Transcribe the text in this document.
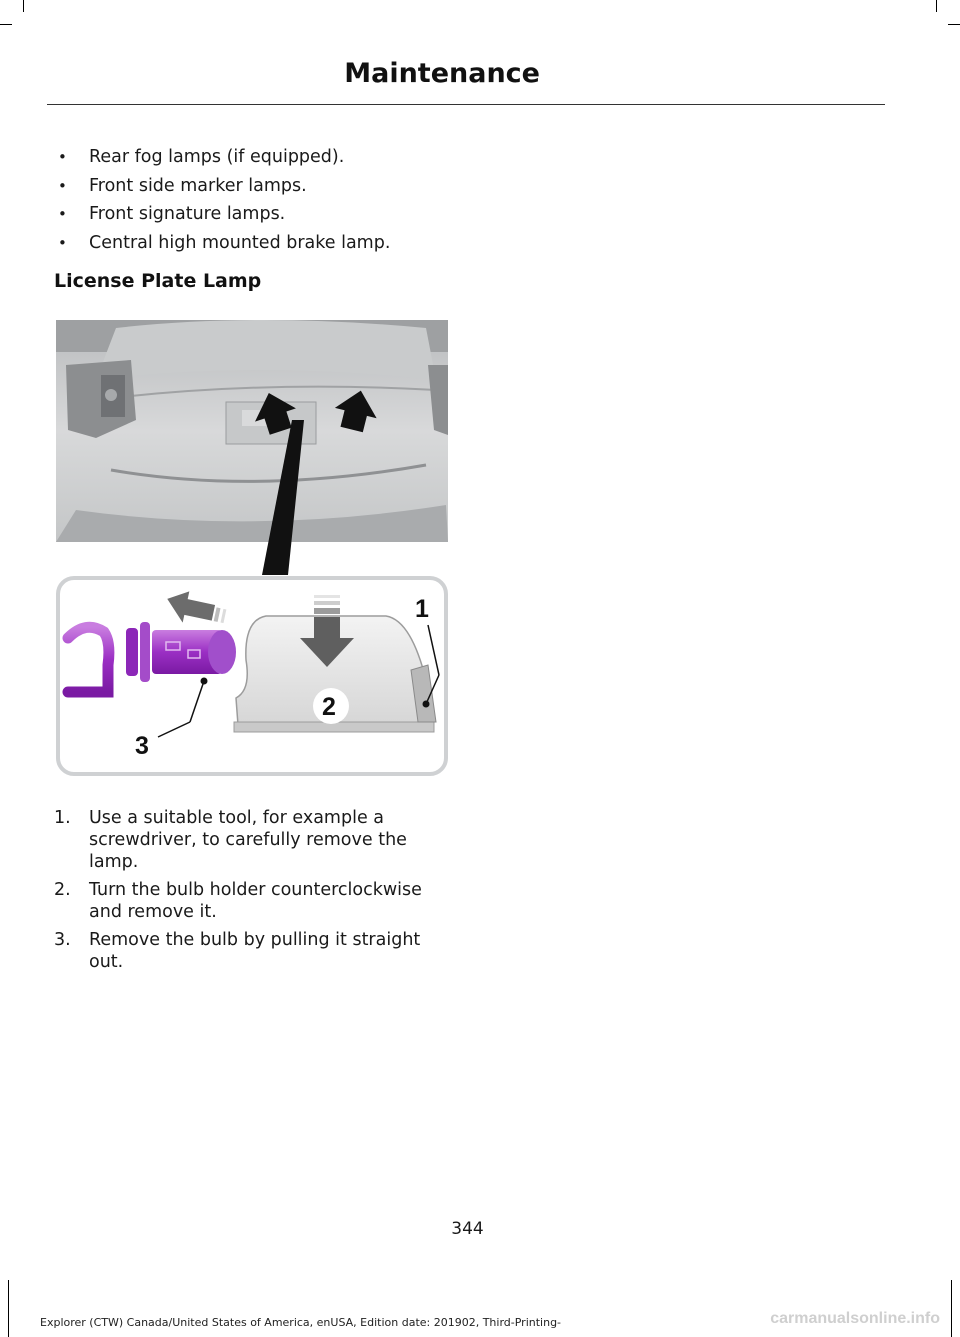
Maintenance
• Rear fog lamps (if equipped).
• Front side marker lamps.
• Front signature lamps.
• Central high mounted brake lamp.
License Plate Lamp
1
2
3
1. Use a suitable tool, for example a screwdriver, to carefully remove the lamp.
2. Turn the bulb holder counterclockwise and remove it.
3. Remove the bulb by pulling it straight out.
344
Explorer (CTW) Canada/United States of America, enUSA, Edition date: 201902, Third-Printing-	carmanualsonline.info
